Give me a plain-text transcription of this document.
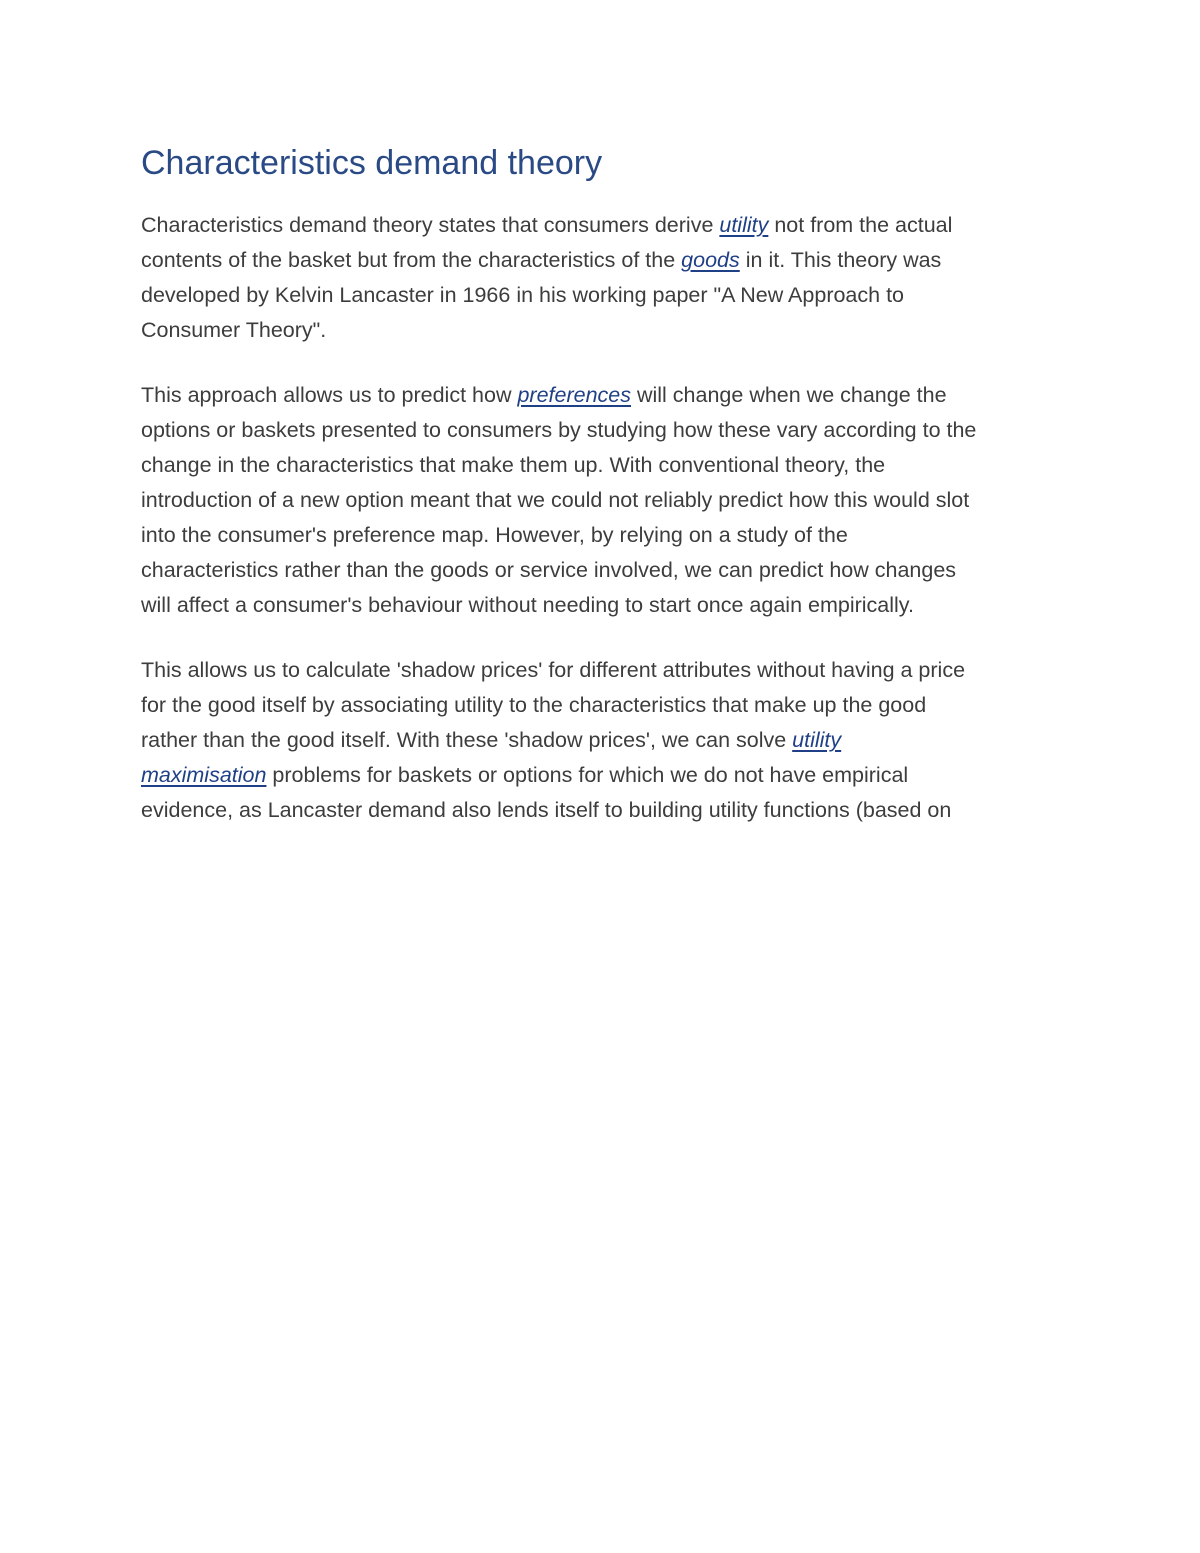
Characteristics demand theory

Characteristics demand theory states that consumers derive utility not from the actual
contents of the basket but from the characteristics of the goods in it. This theory was
developed by Kelvin Lancaster in 1966 in his working paper "A New Approach to
Consumer Theory".

This approach allows us to predict how preferences will change when we change the
options or baskets presented to consumers by studying how these vary according to the
change in the characteristics that make them up. With conventional theory, the
introduction of a new option meant that we could not reliably predict how this would slot
into the consumer's preference map. However, by relying on a study of the
characteristics rather than the goods or service involved, we can predict how changes
will affect a consumer's behaviour without needing to start once again empirically.

This allows us to calculate 'shadow prices' for different attributes without having a price
for the good itself by associating utility to the characteristics that make up the good
rather than the good itself. With these 'shadow prices', we can solve utility
maximisation problems for baskets or options for which we do not have empirical
evidence, as Lancaster demand also lends itself to building utility functions (based on
